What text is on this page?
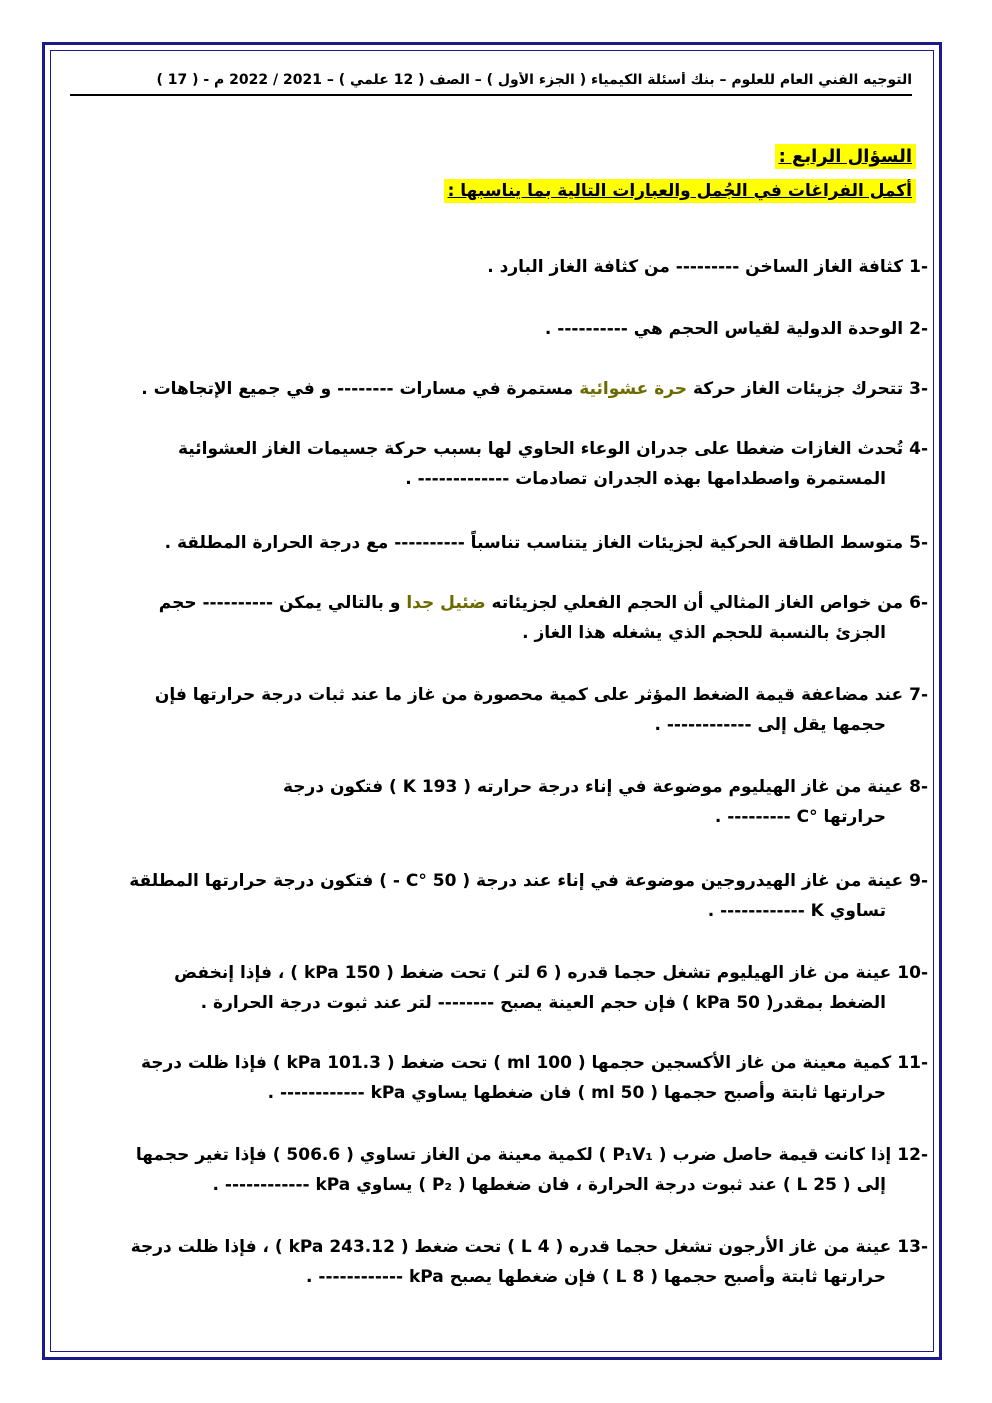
التوجيه الفني العام للعلوم – بنك أسئلة الكيمياء ( الجزء الأول ) – الصف ( 12 علمي ) – 2021 / 2022 م - ( 17 )
السؤال الرابع :
أكمل الفراغات في الجُمل والعبارات التالية بما يناسبها :
-1كثافة الغاز الساخن --------- من كثافة الغاز البارد .
-2الوحدة الدولية لقياس الحجم هي ---------- .
-3تتحرك جزيئات الغاز حركة حرة عشوائية مستمرة في مسارات -------- و في جميع الإتجاهات .
-4تُحدث الغازات ضغطا على جدران الوعاء الحاوي لها بسبب حركة جسيمات الغاز العشوائية
المستمرة واصطدامها بهذه الجدران تصادمات ------------- .
-5متوسط الطاقة الحركية لجزيئات الغاز يتناسب تناسباً ---------- مع درجة الحرارة المطلقة .
-6من خواص الغاز المثالي أن الحجم الفعلي لجزيئاته ضئيل جدا و بالتالي يمكن ---------- حجم
الجزئ بالنسبة للحجم الذي يشغله هذا الغاز .
-7عند مضاعفة قيمة الضغط المؤثر على كمية محصورة من غاز ما عند ثبات درجة حرارتها فإن
حجمها يقل إلى ------------ .
-8عينة من غاز الهيليوم موضوعة في إناء درجة حرارته ( 193 K ) فتكون درجة
حرارتها °C --------- .
-9عينة من غاز الهيدروجين موضوعة في إناء عند درجة ( 50 °C - ) فتكون درجة حرارتها المطلقة
تساوي K ------------ .
-10عينة من غاز الهيليوم تشغل حجما قدره ( 6 لتر ) تحت ضغط ( 150 kPa ) ، فإذا إنخفض
الضغط بمقدر( 50 kPa ) فإن حجم العينة يصبح -------- لتر عند ثبوت درجة الحرارة .
-11كمية معينة من غاز الأكسجين حجمها ( 100 ml ) تحت ضغط ( 101.3 kPa ) فإذا ظلت درجة
حرارتها ثابتة وأصبح حجمها ( 50 ml ) فان ضغطها يساوي kPa ------------ .
-12إذا كانت قيمة حاصل ضرب ( P₁V₁ ) لكمية معينة من الغاز تساوي ( 506.6 ) فإذا تغير حجمها
إلى ( 25 L ) عند ثبوت درجة الحرارة ، فان ضغطها ( P₂ ) يساوي kPa ------------ .
-13عينة من غاز الأرجون تشغل حجما قدره ( 4 L ) تحت ضغط ( 243.12 kPa ) ، فإذا ظلت درجة
حرارتها ثابتة وأصبح حجمها ( 8 L ) فإن ضغطها يصبح kPa ------------ .
